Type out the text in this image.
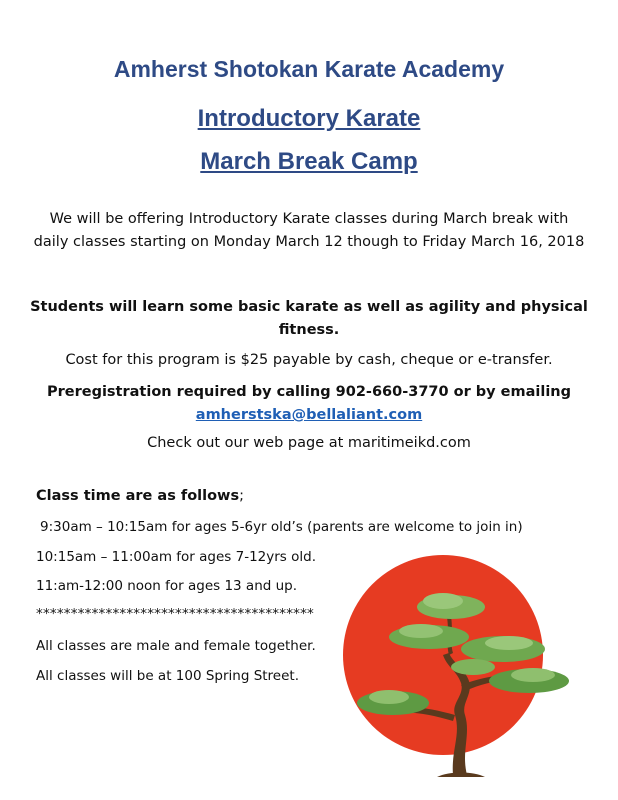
Amherst Shotokan Karate Academy
Introductory Karate
March Break Camp
We will be offering Introductory Karate classes during March break with daily classes starting on Monday March 12 though to Friday March 16, 2018
Students will learn some basic karate as well as agility and physical fitness.
Cost for this program is $25 payable by cash, cheque or e-transfer.
Preregistration required by calling 902-660-3770 or by emailing
amherstska@bellaliant.com
Check out our web page at maritimeikd.com
Class time are as follows;
9:30am – 10:15am for ages 5-6yr old’s (parents are welcome to join in)
10:15am – 11:00am for ages 7-12yrs old.
11:am-12:00 noon for ages 13 and up.
****************************************
All classes are male and female together.
All classes will be at 100 Spring Street.
